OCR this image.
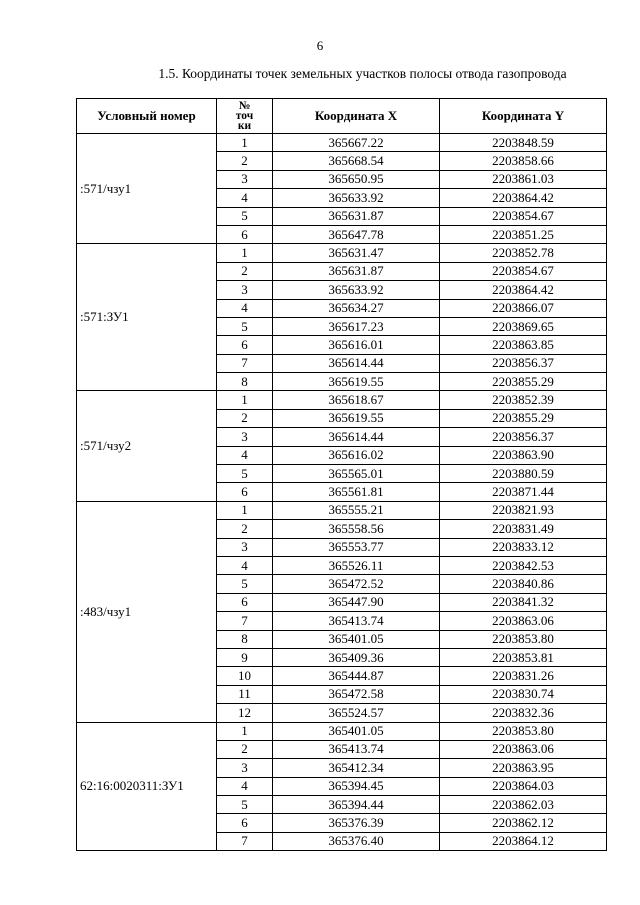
6
1.5. Координаты точек земельных участков полосы отвода газопровода
Условный номер	№
точ
ки	Координата X	Координата Y
:571/чзу1	1	365667.22	2203848.59
	2	365668.54	2203858.66
	3	365650.95	2203861.03
	4	365633.92	2203864.42
	5	365631.87	2203854.67
	6	365647.78	2203851.25
:571:ЗУ1	1	365631.47	2203852.78
	2	365631.87	2203854.67
	3	365633.92	2203864.42
	4	365634.27	2203866.07
	5	365617.23	2203869.65
	6	365616.01	2203863.85
	7	365614.44	2203856.37
	8	365619.55	2203855.29
:571/чзу2	1	365618.67	2203852.39
	2	365619.55	2203855.29
	3	365614.44	2203856.37
	4	365616.02	2203863.90
	5	365565.01	2203880.59
	6	365561.81	2203871.44
:483/чзу1	1	365555.21	2203821.93
	2	365558.56	2203831.49
	3	365553.77	2203833.12
	4	365526.11	2203842.53
	5	365472.52	2203840.86
	6	365447.90	2203841.32
	7	365413.74	2203863.06
	8	365401.05	2203853.80
	9	365409.36	2203853.81
	10	365444.87	2203831.26
	11	365472.58	2203830.74
	12	365524.57	2203832.36
62:16:0020311:ЗУ1	1	365401.05	2203853.80
	2	365413.74	2203863.06
	3	365412.34	2203863.95
	4	365394.45	2203864.03
	5	365394.44	2203862.03
	6	365376.39	2203862.12
	7	365376.40	2203864.12
